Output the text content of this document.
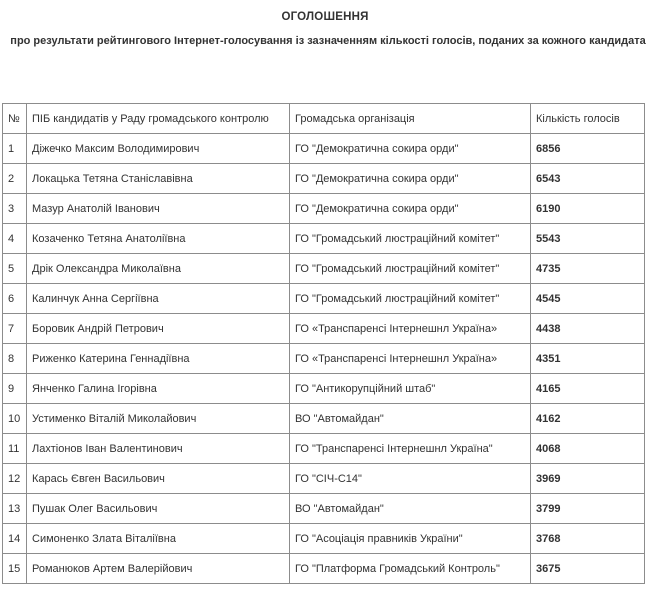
ОГОЛОШЕННЯ
про результати рейтингового Інтернет-голосування із зазначенням кількості голосів, поданих за кожного кандидата
№	ПІБ кандидатів у Раду громадського контролю	Громадська організація	Кількість голосів
1	Діжечко Максим Володимирович	ГО "Демократична сокира орди"	6856
2	Локацька Тетяна Станіславівна	ГО "Демократична сокира орди"	6543
3	Мазур Анатолій Іванович	ГО "Демократична сокира орди"	6190
4	Козаченко Тетяна Анатоліївна	ГО "Громадський люстраційний комітет"	5543
5	Дрік Олександра Миколаївна	ГО "Громадський люстраційний комітет"	4735
6	Калинчук Анна Сергіївна	ГО "Громадський люстраційний комітет"	4545
7	Боровик Андрій Петрович	ГО «Транспаренсі Інтернешнл Україна»	4438
8	Риженко Катерина Геннадіївна	ГО «Транспаренсі Інтернешнл Україна»	4351
9	Янченко Галина Ігорівна	ГО "Антикорупційний штаб"	4165
10	Устименко Віталій Миколайович	ВО "Автомайдан"	4162
11	Лахтіонов Іван Валентинович	ГО "Транспаренсі Інтернешнл Україна"	4068
12	Карась Євген Васильович	ГО "СІЧ-С14"	3969
13	Пушак Олег Васильович	ВО "Автомайдан"	3799
14	Симоненко Злата Віталіївна	ГО "Асоціація правників України"	3768
15	Романюков Артем Валерійович	ГО "Платформа Громадський Контроль"	3675
